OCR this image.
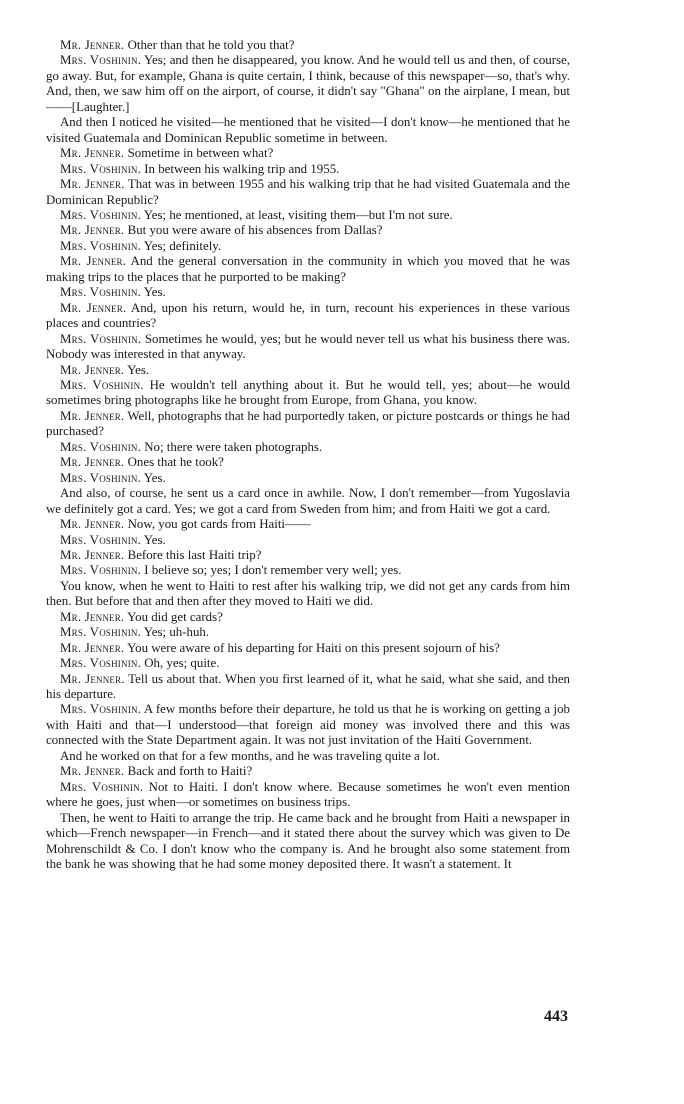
Mr. Jenner. Other than that he told you that?

Mrs. Voshinin. Yes; and then he disappeared, you know. And he would tell us and then, of course, go away. But, for example, Ghana is quite certain, I think, because of this newspaper—so, that's why. And, then, we saw him off on the airport, of course, it didn't say "Ghana" on the airplane, I mean, but——[Laughter.]

And then I noticed he visited—he mentioned that he visited—I don't know—he mentioned that he visited Guatemala and Dominican Republic sometime in between.

Mr. Jenner. Sometime in between what?

Mrs. Voshinin. In between his walking trip and 1955.

Mr. Jenner. That was in between 1955 and his walking trip that he had visited Guatemala and the Dominican Republic?

Mrs. Voshinin. Yes; he mentioned, at least, visiting them—but I'm not sure.

Mr. Jenner. But you were aware of his absences from Dallas?

Mrs. Voshinin. Yes; definitely.

Mr. Jenner. And the general conversation in the community in which you moved that he was making trips to the places that he purported to be making?

Mrs. Voshinin. Yes.

Mr. Jenner. And, upon his return, would he, in turn, recount his experiences in these various places and countries?

Mrs. Voshinin. Sometimes he would, yes; but he would never tell us what his business there was. Nobody was interested in that anyway.

Mr. Jenner. Yes.

Mrs. Voshinin. He wouldn't tell anything about it. But he would tell, yes; about—he would sometimes bring photographs like he brought from Europe, from Ghana, you know.

Mr. Jenner. Well, photographs that he had purportedly taken, or picture postcards or things he had purchased?

Mrs. Voshinin. No; there were taken photographs.

Mr. Jenner. Ones that he took?

Mrs. Voshinin. Yes.

And also, of course, he sent us a card once in awhile. Now, I don't remember—from Yugoslavia we definitely got a card. Yes; we got a card from Sweden from him; and from Haiti we got a card.

Mr. Jenner. Now, you got cards from Haiti——

Mrs. Voshinin. Yes.

Mr. Jenner. Before this last Haiti trip?

Mrs. Voshinin. I believe so; yes; I don't remember very well; yes.

You know, when he went to Haiti to rest after his walking trip, we did not get any cards from him then. But before that and then after they moved to Haiti we did.

Mr. Jenner. You did get cards?

Mrs. Voshinin. Yes; uh-huh.

Mr. Jenner. You were aware of his departing for Haiti on this present sojourn of his?

Mrs. Voshinin. Oh, yes; quite.

Mr. Jenner. Tell us about that. When you first learned of it, what he said, what she said, and then his departure.

Mrs. Voshinin. A few months before their departure, he told us that he is working on getting a job with Haiti and that—I understood—that foreign aid money was involved there and this was connected with the State Department again. It was not just invitation of the Haiti Government.

And he worked on that for a few months, and he was traveling quite a lot.

Mr. Jenner. Back and forth to Haiti?

Mrs. Voshinin. Not to Haiti. I don't know where. Because sometimes he won't even mention where he goes, just when—or sometimes on business trips.

Then, he went to Haiti to arrange the trip. He came back and he brought from Haiti a newspaper in which—French newspaper—in French—and it stated there about the survey which was given to De Mohrenschildt & Co. I don't know who the company is. And he brought also some statement from the bank he was showing that he had some money deposited there. It wasn't a statement. It

443
